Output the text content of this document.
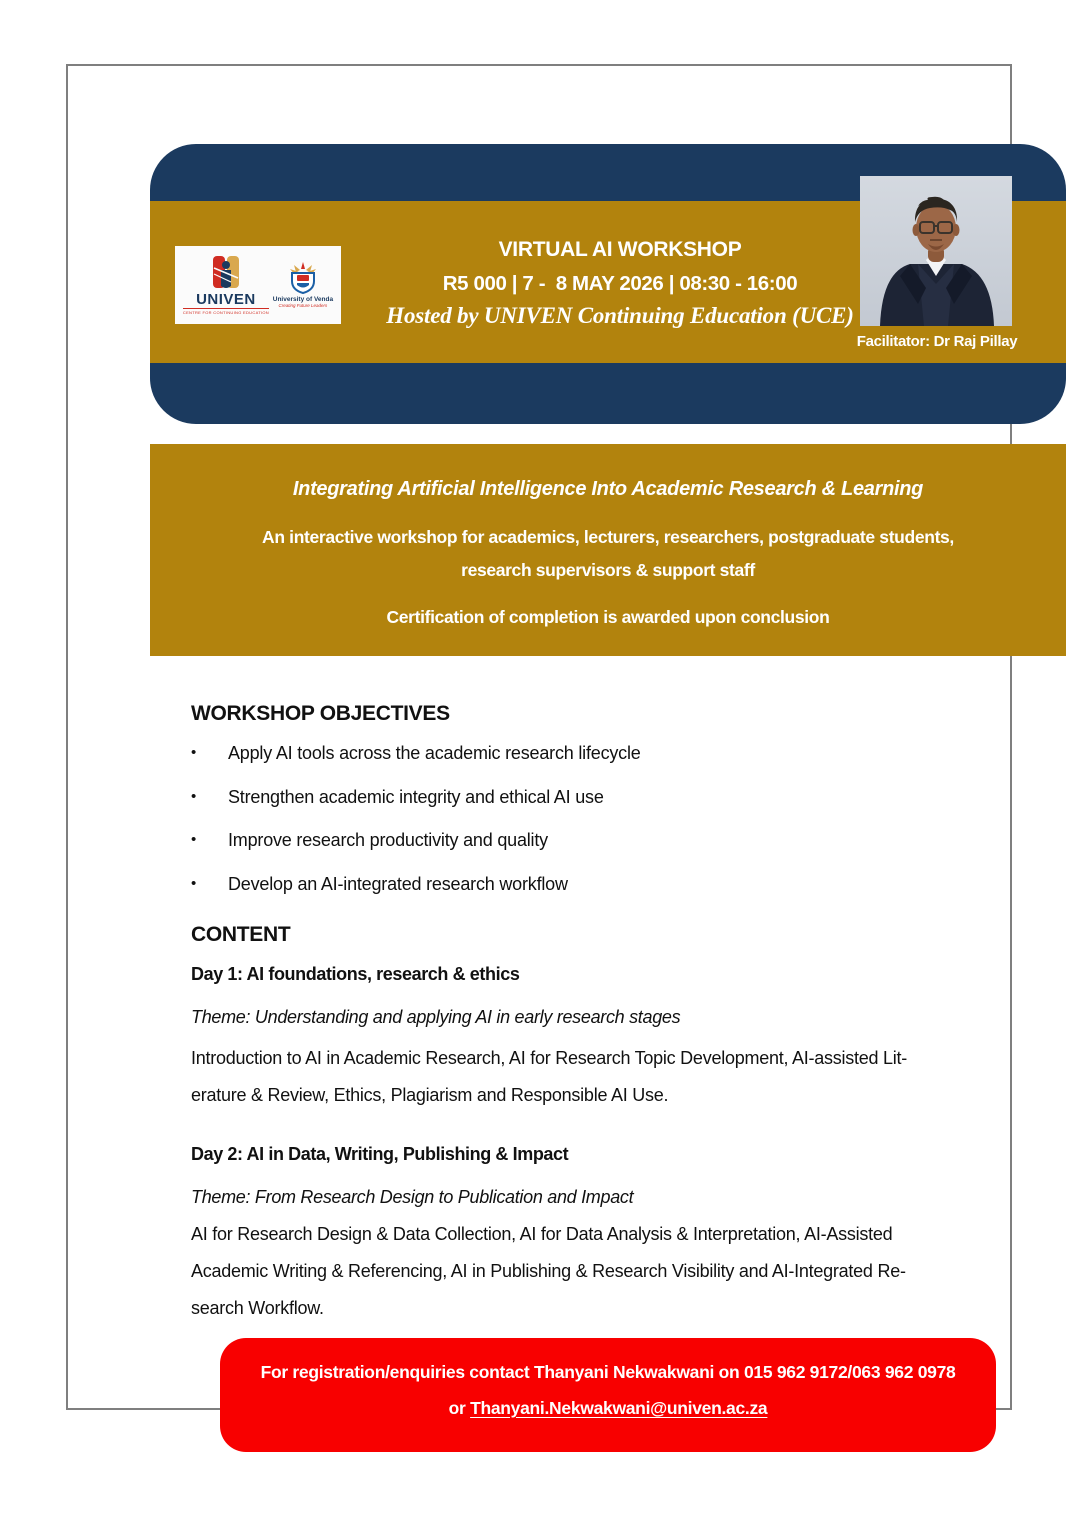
UNIVEN
CENTRE FOR CONTINUING EDUCATION
University of Venda
Creating Future Leaders
VIRTUAL AI WORKSHOP
R5 000 | 7 -  8 MAY 2026 | 08:30 - 16:00
Hosted by UNIVEN Continuing Education (UCE)
Facilitator: Dr Raj Pillay
Integrating Artificial Intelligence Into Academic Research & Learning
An interactive workshop for academics, lecturers, researchers, postgraduate students,
research supervisors & support staff
Certification of completion is awarded upon conclusion
WORKSHOP OBJECTIVES
•	Apply AI tools across the academic research lifecycle
•	Strengthen academic integrity and ethical AI use
•	Improve research productivity and quality
•	Develop an AI-integrated research workflow
CONTENT
Day 1: AI foundations, research & ethics
Theme: Understanding and applying AI in early research stages
Introduction to AI in Academic Research, AI for Research Topic Development, AI-assisted Lit-
erature & Review, Ethics, Plagiarism and Responsible AI Use.
Day 2: AI in Data, Writing, Publishing & Impact
Theme: From Research Design to Publication and Impact
AI for Research Design & Data Collection, AI for Data Analysis & Interpretation, AI-Assisted
Academic Writing & Referencing, AI in Publishing & Research Visibility and AI-Integrated Re-
search Workflow.
For registration/enquiries contact Thanyani Nekwakwani on 015 962 9172/063 962 0978
or Thanyani.Nekwakwani@univen.ac.za
